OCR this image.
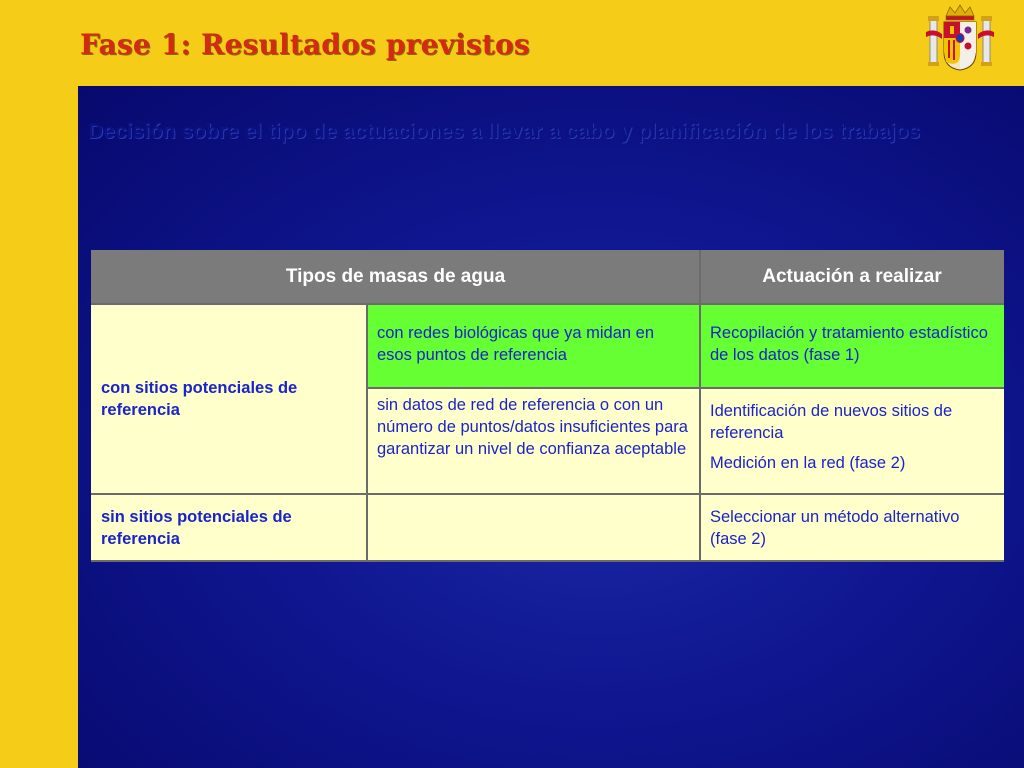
Fase 1: Resultados previstos

Decisión sobre el tipo de actuaciones a llevar a cabo y planificación de los trabajos

Tipos de masas de agua	Actuación a realizar
con sitios potenciales de referencia
con redes biológicas que ya midan en esos puntos de referencia
Recopilación y tratamiento estadístico de los datos (fase 1)
sin datos de red de referencia o con un número de puntos/datos insuficientes para garantizar un nivel de confianza aceptable
Identificación de nuevos sitios de referencia
Medición en la red (fase 2)
sin sitios potenciales de referencia
Seleccionar un método alternativo (fase 2)
